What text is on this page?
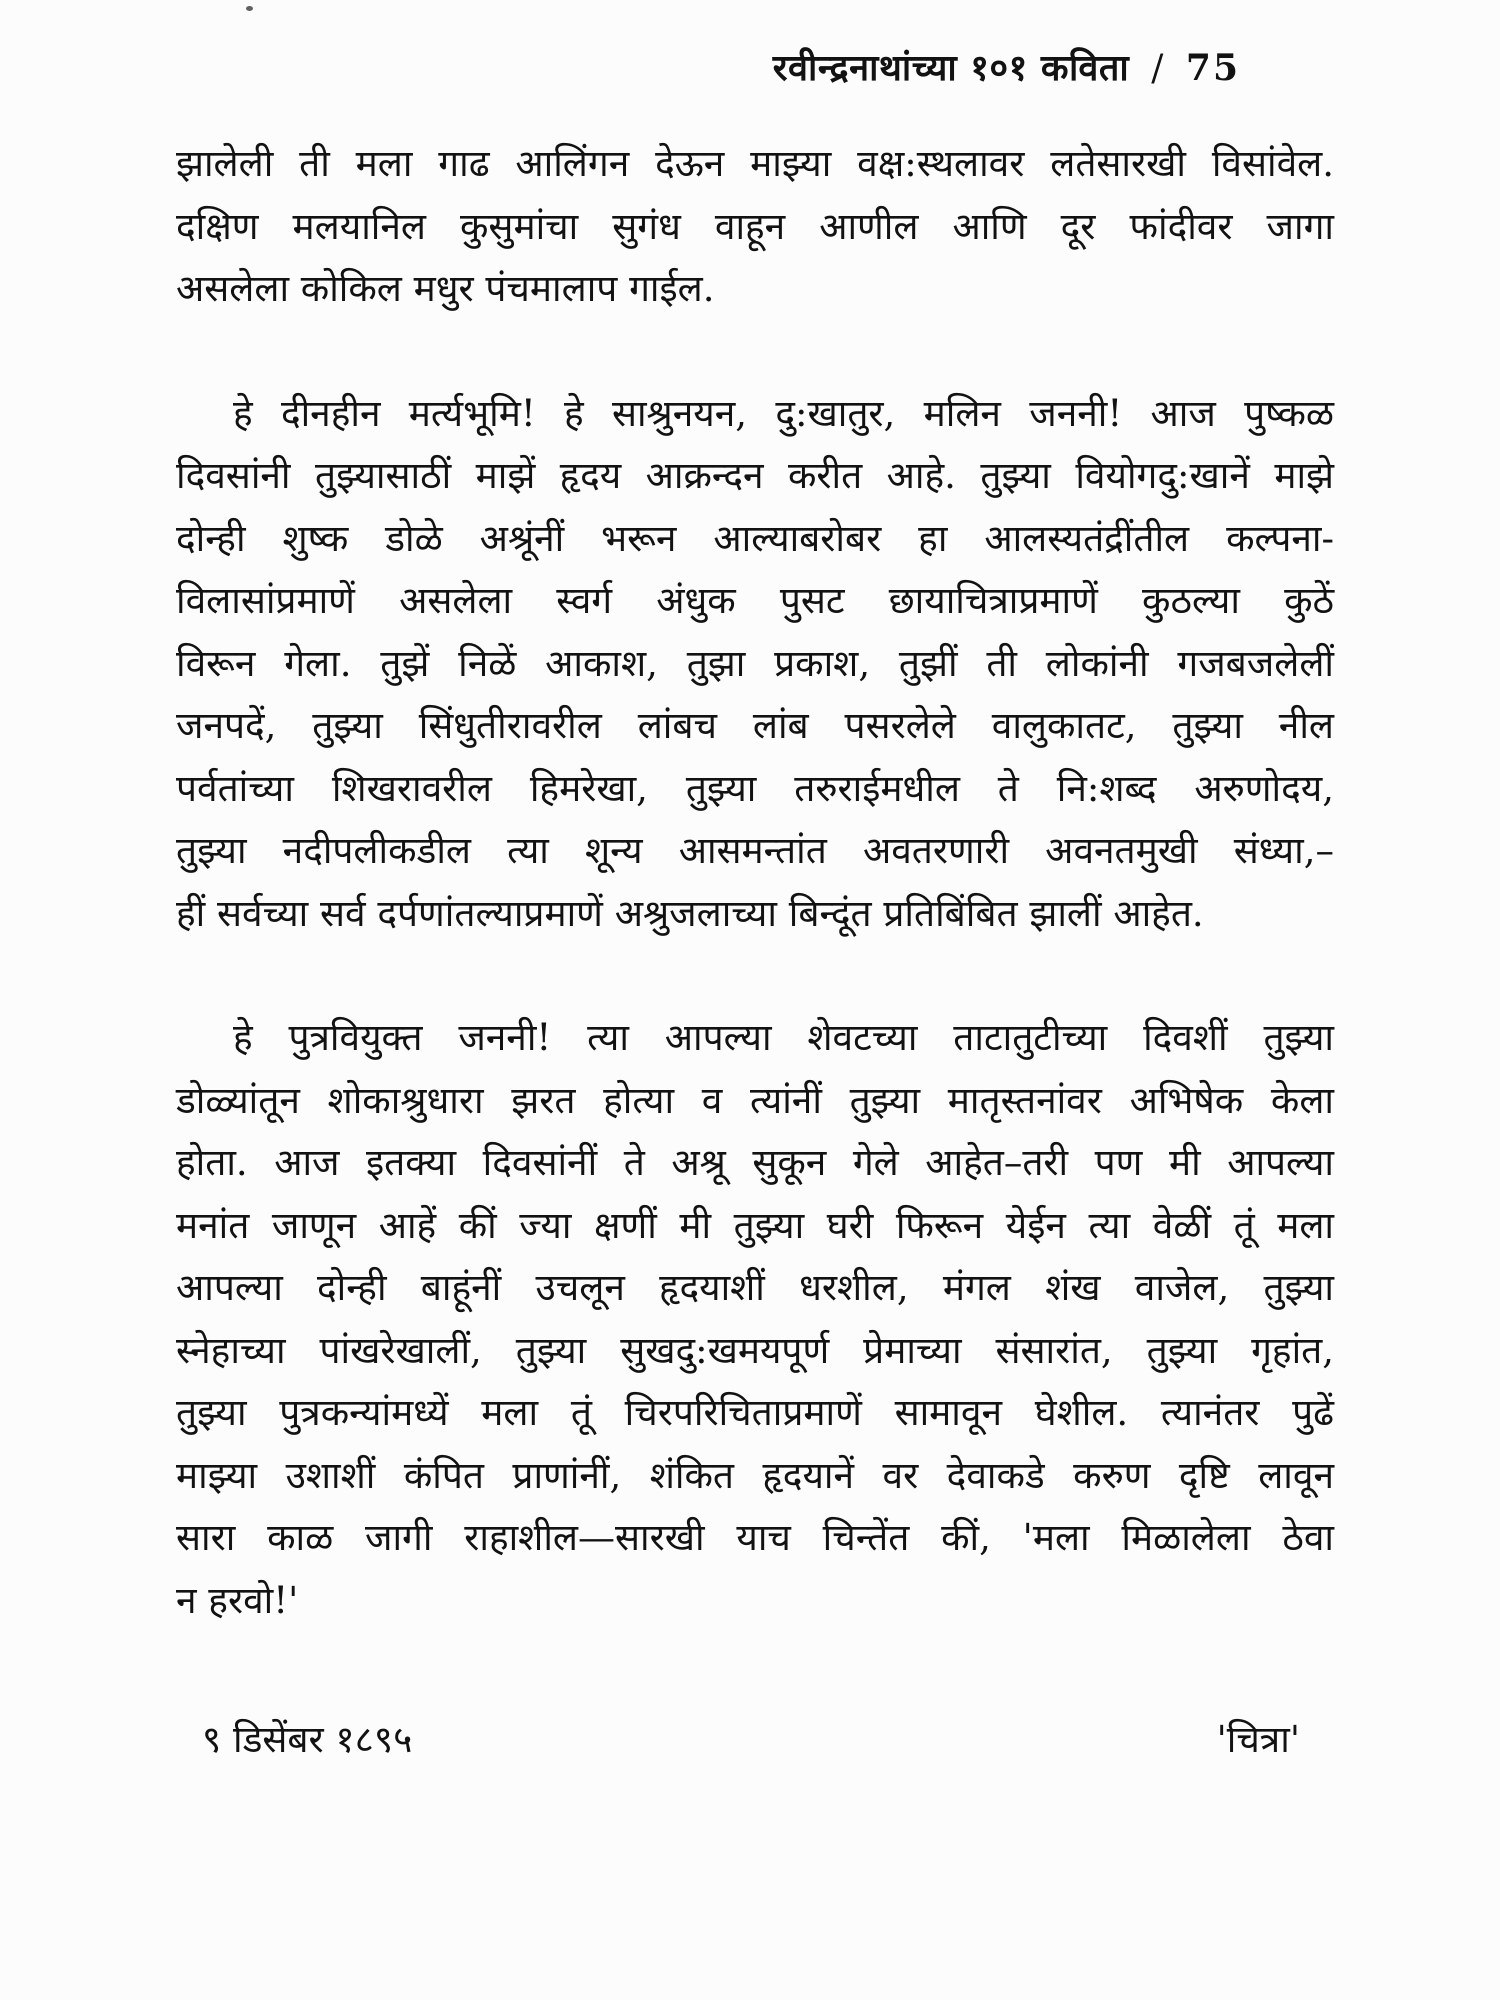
रवीन्द्रनाथांच्या १०१ कविता / 75
झालेली ती मला गाढ आलिंगन देऊन माझ्या वक्ष:स्थलावर लतेसारखी विसांवेल.
दक्षिण मलयानिल कुसुमांचा सुगंध वाहून आणील आणि दूर फांदीवर जागा
असलेला कोकिल मधुर पंचमालाप गाईल.
हे दीनहीन मर्त्यभूमि! हे साश्रुनयन, दु:खातुर, मलिन जननी! आज पुष्कळ
दिवसांनी तुझ्यासाठीं माझें हृदय आक्रन्दन करीत आहे. तुझ्या वियोगदु:खानें माझे
दोन्ही शुष्क डोळे अश्रूंनीं भरून आल्याबरोबर हा आलस्यतंद्रींतील कल्पना-
विलासांप्रमाणें असलेला स्वर्ग अंधुक पुसट छायाचित्राप्रमाणें कुठल्या कुठें
विरून गेला. तुझें निळें आकाश, तुझा प्रकाश, तुझीं ती लोकांनी गजबजलेलीं
जनपदें, तुझ्या सिंधुतीरावरील लांबच लांब पसरलेले वालुकातट, तुझ्या नील
पर्वतांच्या शिखरावरील हिमरेखा, तुझ्या तरुराईमधील ते नि:शब्द अरुणोदय,
तुझ्या नदीपलीकडील त्या शून्य आसमन्तांत अवतरणारी अवनतमुखी संध्या,–
हीं सर्वच्या सर्व दर्पणांतल्याप्रमाणें अश्रुजलाच्या बिन्दूंत प्रतिबिंबित झालीं आहेत.
हे पुत्रवियुक्त जननी! त्या आपल्या शेवटच्या ताटातुटीच्या दिवशीं तुझ्या
डोळ्यांतून शोकाश्रुधारा झरत होत्या व त्यांनीं तुझ्या मातृस्तनांवर अभिषेक केला
होता. आज इतक्या दिवसांनीं ते अश्रू सुकून गेले आहेत–तरी पण मी आपल्या
मनांत जाणून आहें कीं ज्या क्षणीं मी तुझ्या घरी फिरून येईन त्या वेळीं तूं मला
आपल्या दोन्ही बाहूंनीं उचलून हृदयाशीं धरशील, मंगल शंख वाजेल, तुझ्या
स्नेहाच्या पांखरेखालीं, तुझ्या सुखदु:खमयपूर्ण प्रेमाच्या संसारांत, तुझ्या गृहांत,
तुझ्या पुत्रकन्यांमध्यें मला तूं चिरपरिचिताप्रमाणें सामावून घेशील. त्यानंतर पुढें
माझ्या उशाशीं कंपित प्राणांनीं, शंकित हृदयानें वर देवाकडे करुण दृष्टि लावून
सारा काळ जागी राहाशील—सारखी याच चिन्तेंत कीं, 'मला मिळालेला ठेवा
न हरवो!'
९ डिसेंबर १८९५	'चित्रा'
